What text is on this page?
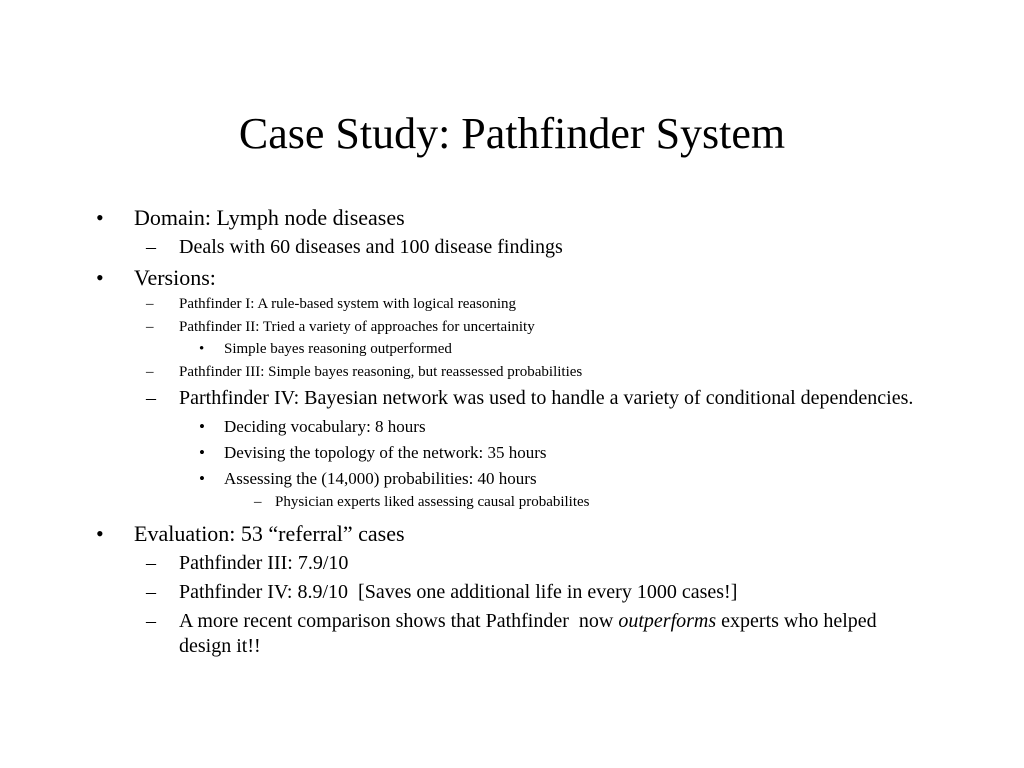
Case Study: Pathfinder System
•	Domain: Lymph node diseases
–	Deals with 60 diseases and 100 disease findings
•	Versions:
–	Pathfinder I: A rule-based system with logical reasoning
–	Pathfinder II: Tried a variety of approaches for uncertainity
•	Simple bayes reasoning outperformed
–	Pathfinder III: Simple bayes reasoning, but reassessed probabilities
–	Parthfinder IV: Bayesian network was used to handle a variety of conditional dependencies.
•	Deciding vocabulary: 8 hours
•	Devising the topology of the network: 35 hours
•	Assessing the (14,000) probabilities: 40 hours
– Physician experts liked assessing causal probabilites
•	Evaluation: 53 “referral” cases
–	Pathfinder III: 7.9/10
–	Pathfinder IV: 8.9/10  [Saves one additional life in every 1000 cases!]
–	A more recent comparison shows that Pathfinder  now outperforms experts who helped design it!!
